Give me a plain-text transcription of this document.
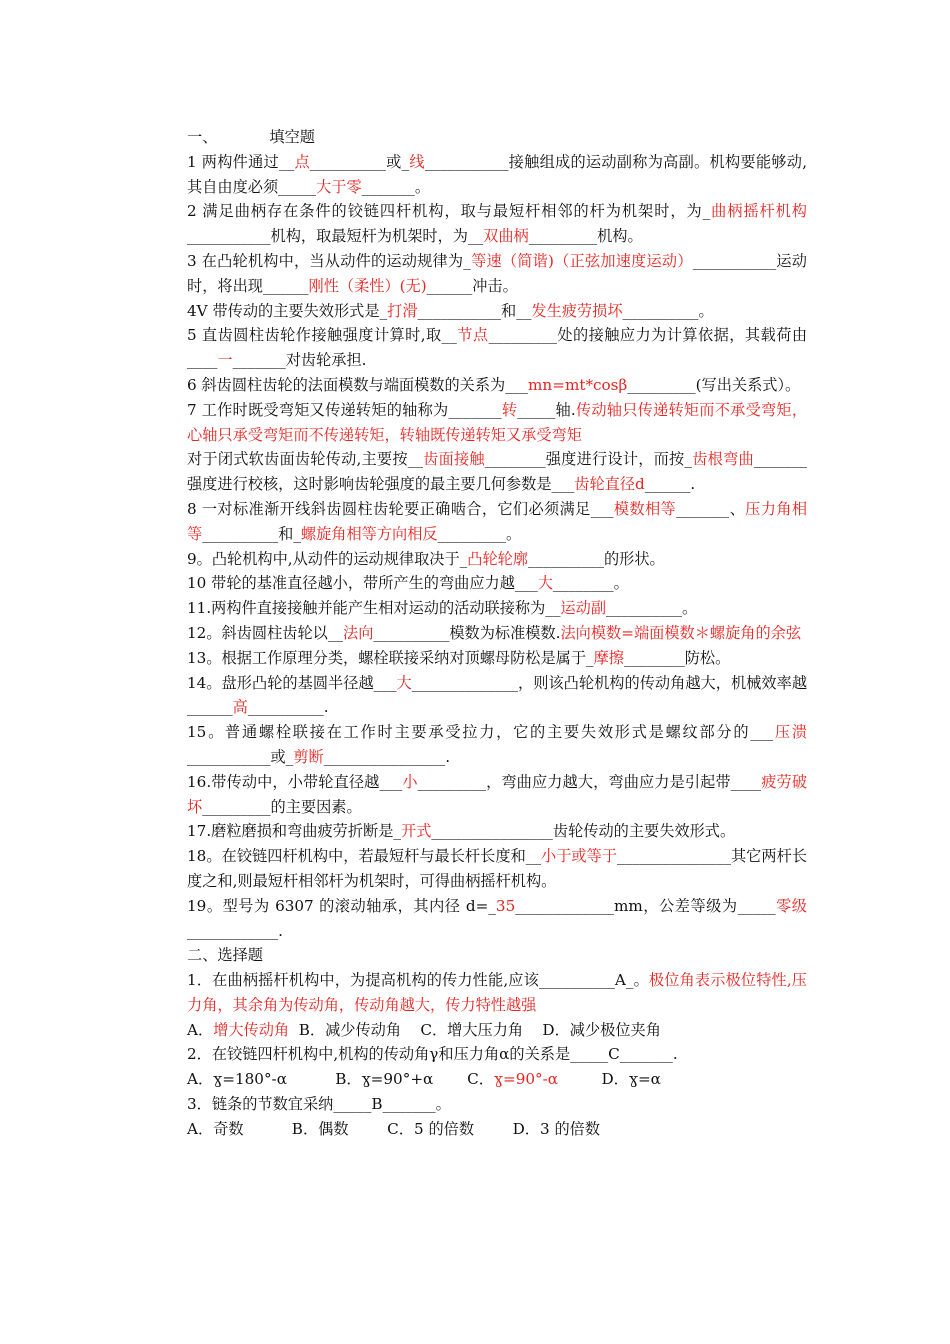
一、	填空题

1 两构件通过__点__________或_线___________接触组成的运动副称为高副。机构要能够动,其自由度必须_____大于零_______。

2 满足曲柄存在条件的铰链四杆机构，取与最短杆相邻的杆为机架时，为_曲柄摇杆机构___________机构，取最短杆为机架时，为__双曲柄_________机构。

3 在凸轮机构中，当从动件的运动规律为_等速（简谐)（正弦加速度运动）___________运动时，将出现______刚性（柔性）(无)______冲击。

4V 带传动的主要失效形式是_打滑___________和__发生疲劳损坏__________。

5 直齿圆柱齿轮作接触强度计算时,取__节点_________处的接触应力为计算依据，其载荷由____一_______对齿轮承担.

6 斜齿圆柱齿轮的法面模数与端面模数的关系为___mn=mt*cosβ_________(写出关系式）。

7 工作时既受弯矩又传递转矩的轴称为_______转_____轴.传动轴只传递转矩而不承受弯矩，心轴只承受弯矩而不传递转矩，转轴既传递转矩又承受弯矩

对于闭式软齿面齿轮传动,主要按__齿面接触________强度进行设计，而按_齿根弯曲_______强度进行校核，这时影响齿轮强度的最主要几何参数是___齿轮直径d______.

8 一对标准渐开线斜齿圆柱齿轮要正确啮合，它们必须满足___模数相等_______、压力角相等__________和_螺旋角相等方向相反_________。

9。凸轮机构中,从动件的运动规律取决于_凸轮轮廓__________的形状。

10 带轮的基准直径越小，带所产生的弯曲应力越___大________。

11.两构件直接接触并能产生相对运动的活动联接称为__运动副__________。

12。斜齿圆柱齿轮以__法向__________模数为标准模数.法向模数=端面模数＊螺旋角的余弦

13。根据工作原理分类，螺栓联接采纳对顶螺母防松是属于_摩擦________防松。

14。盘形凸轮的基圆半径越___大______________，则该凸轮机构的传动角越大，机械效率越______高__________.

15。普通螺栓联接在工作时主要承受拉力，它的主要失效形式是螺纹部分的___压溃___________或_剪断________________.

16.带传动中，小带轮直径越___小_________，弯曲应力越大，弯曲应力是引起带____疲劳破坏_________的主要因素。

17.磨粒磨损和弯曲疲劳折断是_开式________________齿轮传动的主要失效形式。

18。在铰链四杆机构中，若最短杆与最长杆长度和__小于或等于_______________其它两杆长度之和,则最短杆相邻杆为机架时，可得曲柄摇杆机构。

19。型号为 6307 的滚动轴承，其内径 d=_35_____________mm，公差等级为_____零级____________.

二、选择题

1．在曲柄摇杆机构中，为提高机构的传力性能,应该__________A_。极位角表示极位特性,压力角，其余角为传动角，传动角越大，传力特性越强

A．增大传动角  B．减少传动角    C．增大压力角    D．减少极位夹角

2．在铰链四杆机构中,机构的传动角γ和压力角α的关系是_____C_______.

A．ɣ=180°-α          B．ɣ=90°+α       C．ɣ=90°-α         D．ɣ=α

3．链条的节数宜采纳_____B_______。

A．奇数          B．偶数        C．5 的倍数        D．3 的倍数
